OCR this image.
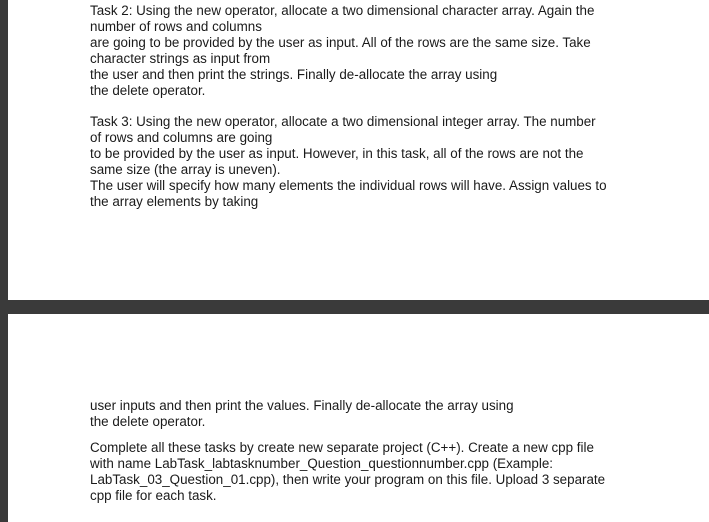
Task 2: Using the new operator, allocate a two dimensional character array. Again the
number of rows and columns
are going to be provided by the user as input. All of the rows are the same size. Take
character strings as input from
the user and then print the strings. Finally de-allocate the array using
the delete operator.

Task 3: Using the new operator, allocate a two dimensional integer array. The number
of rows and columns are going
to be provided by the user as input. However, in this task, all of the rows are not the
same size (the array is uneven).
The user will specify how many elements the individual rows will have. Assign values to
the array elements by taking

user inputs and then print the values. Finally de-allocate the array using
the delete operator.

Complete all these tasks by create new separate project (C++). Create a new cpp file
with name LabTask_labtasknumber_Question_questionnumber.cpp (Example:
LabTask_03_Question_01.cpp), then write your program on this file. Upload 3 separate
cpp file for each task.
